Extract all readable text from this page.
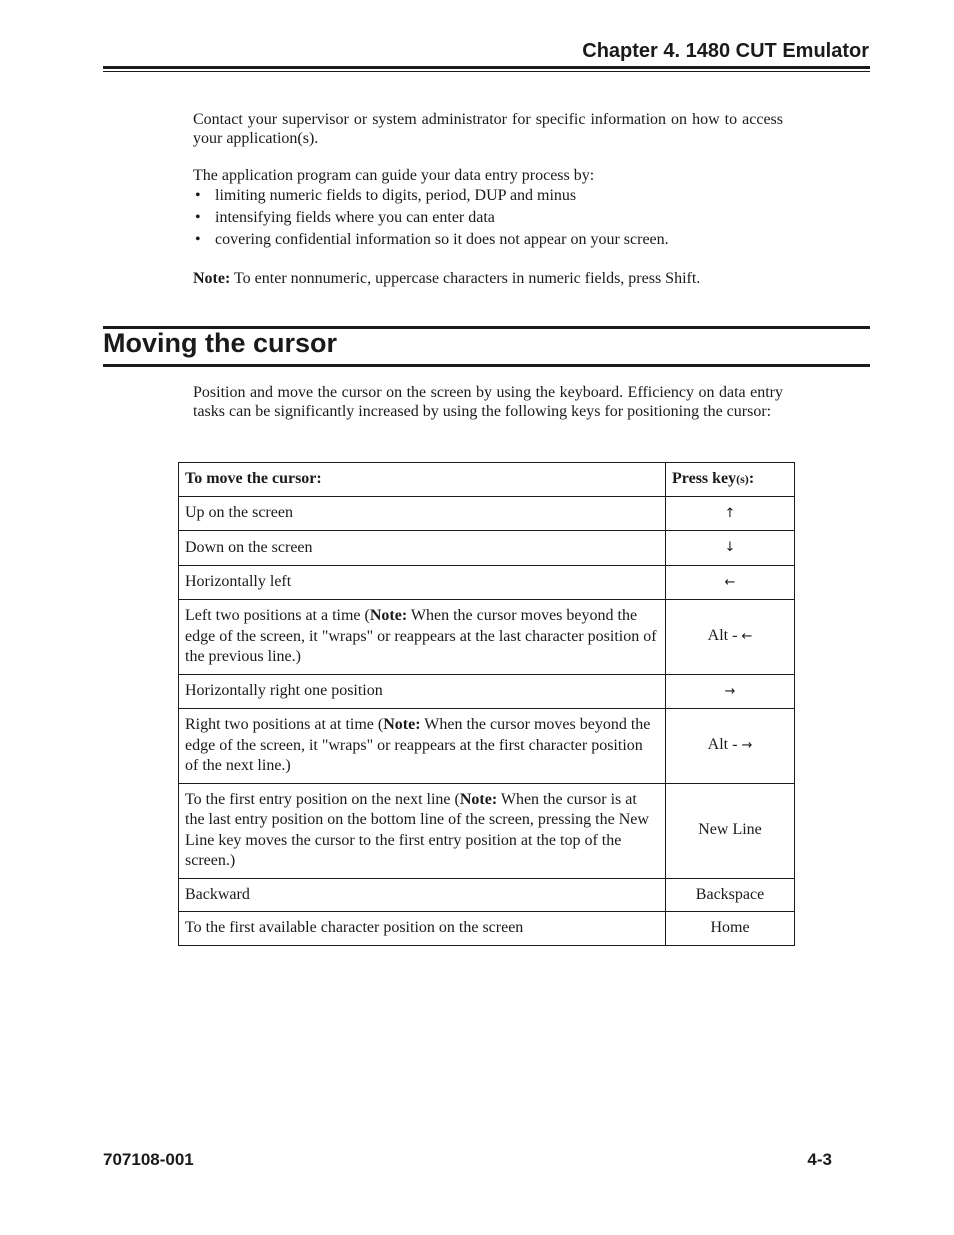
Chapter 4. 1480 CUT Emulator

Contact your supervisor or system administrator for specific information on how to access your application(s).

The application program can guide your data entry process by:

• limiting numeric fields to digits, period, DUP and minus
• intensifying fields where you can enter data
• covering confidential information so it does not appear on your screen.

Note: To enter nonnumeric, uppercase characters in numeric fields, press Shift.

Moving the cursor

Position and move the cursor on the screen by using the keyboard. Efficiency on data entry tasks can be significantly increased by using the following keys for positioning the cursor:

To move the cursor:	Press key(s):
Up on the screen	↑
Down on the screen	↓
Horizontally left	←
Left two positions at a time (Note: When the cursor moves beyond the edge of the screen, it "wraps" or reappears at the last character position of the previous line.)	Alt - ←
Horizontally right one position	→
Right two positions at at time (Note: When the cursor moves beyond the edge of the screen, it "wraps" or reappears at the first character position of the next line.)	Alt - →
To the first entry position on the next line (Note: When the cursor is at the last entry position on the bottom line of the screen, pressing the New Line key moves the cursor to the first entry position at the top of the screen.)	New Line
Backward	Backspace
To the first available character position on the screen	Home

707108-001	4-3
